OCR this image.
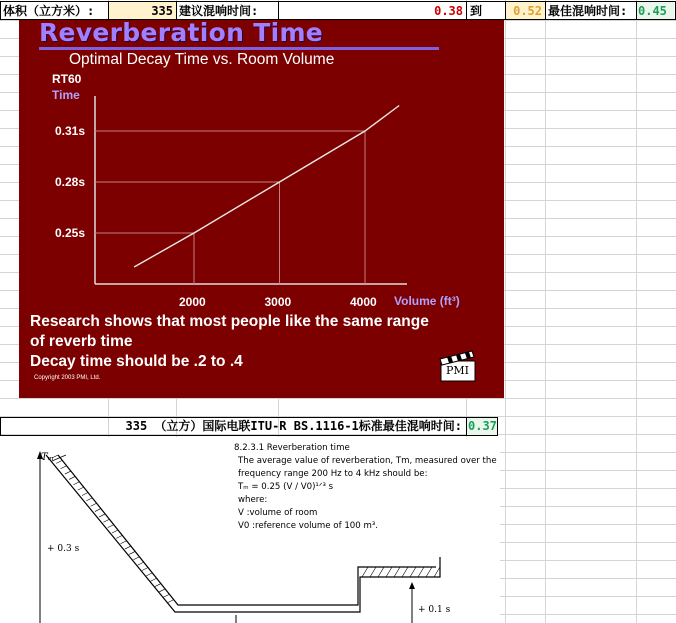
体积（立方米）:	335 建议混响时间:	0.38 到	0.52 最佳混响时间: 0.45
Reverberation Time
Optimal Decay Time vs. Room Volume
RT60
Time
0.25s
0.28s
0.31s
2000	3000	4000 Volume (ft³)
Research shows that most people like the same range
of reverb time
Decay time should be .2 to .4
Copyright 2003 PMI, Ltd.
PMI
335 （立方）国际电联ITU-R BS.1116-1标准最佳混响时间: 0.37
Tₘ
+ 0.3 s
+ 0.1 s
8.2.3.1 Reverberation time
The average value of reverberation, Tm, measured over the
frequency range 200 Hz to 4 kHz should be:
Tₘ = 0.25 (V / V0)¹ᐟ³ s
where:
V :volume of room
V0 :reference volume of 100 m³.
